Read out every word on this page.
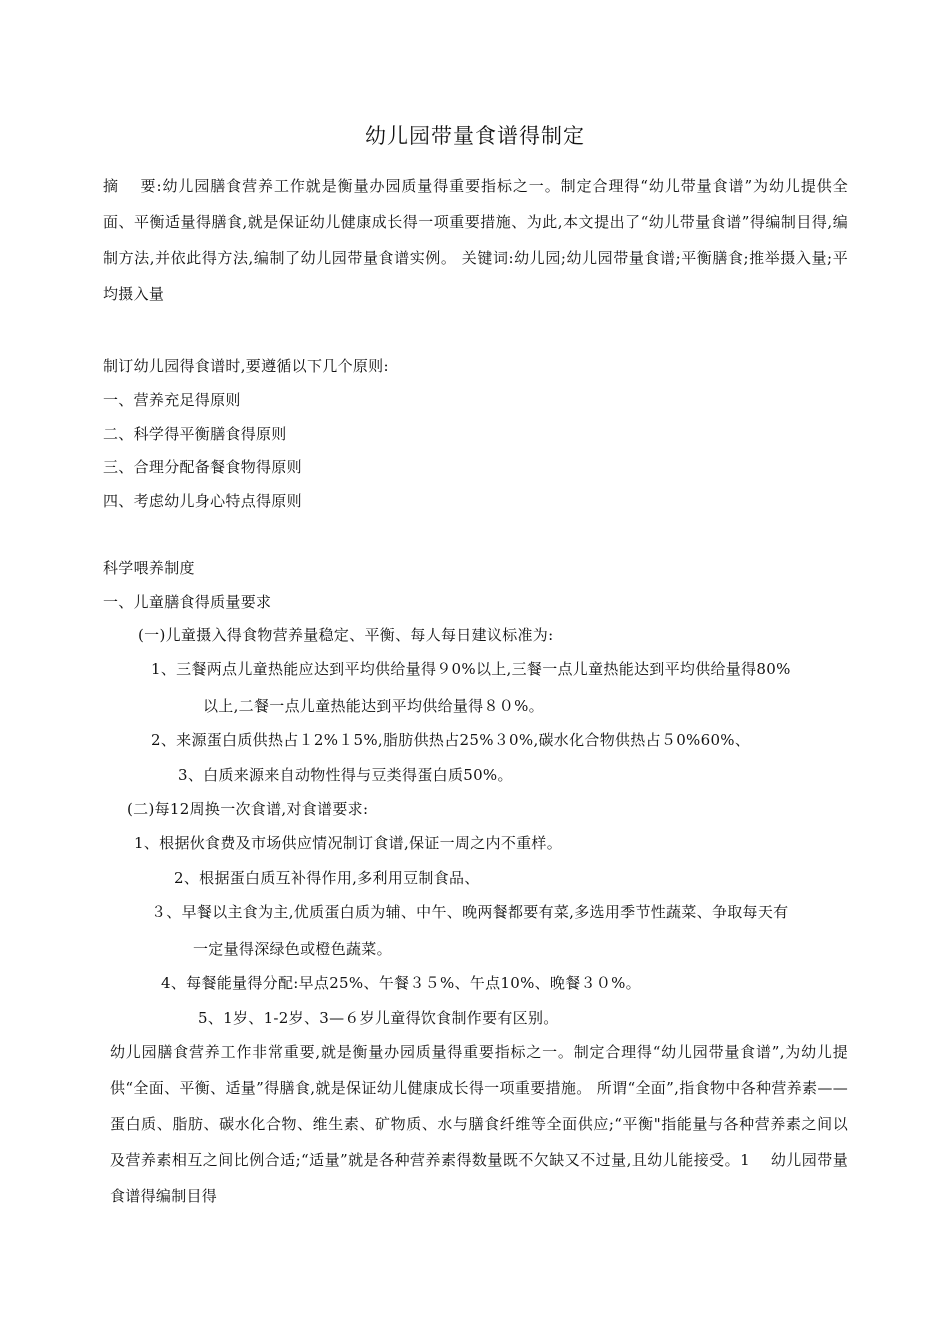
幼儿园带量食谱得制定
摘　 要:幼儿园膳食营养工作就是衡量办园质量得重要指标之一。制定合理得“幼儿带量食谱”为幼儿提供全面、平衡适量得膳食,就是保证幼儿健康成长得一项重要措施、为此,本文提出了“幼儿带量食谱”得编制目得,编制方法,并依此得方法,编制了幼儿园带量食谱实例。 关键词:幼儿园;幼儿园带量食谱;平衡膳食;推举摄入量;平均摄入量
制订幼儿园得食谱时,要遵循以下几个原则:
一、营养充足得原则
二、科学得平衡膳食得原则
三、合理分配备餐食物得原则
四、考虑幼儿身心特点得原则
科学喂养制度
一、儿童膳食得质量要求
(一)儿童摄入得食物营养量稳定、平衡、每人每日建议标准为:
1、三餐两点儿童热能应达到平均供给量得９0%以上,三餐一点儿童热能达到平均供给量得80%
以上,二餐一点儿童热能达到平均供给量得８０%。
2、来源蛋白质供热占１2%１5%,脂肪供热占25%３0%,碳水化合物供热占５0%60%、
3、白质来源来自动物性得与豆类得蛋白质50%。
(二)每12周换一次食谱,对食谱要求:
1、根据伙食费及市场供应情况制订食谱,保证一周之内不重样。
2、根据蛋白质互补得作用,多利用豆制食品、
３、早餐以主食为主,优质蛋白质为辅、中午、晚两餐都要有菜,多选用季节性蔬菜、争取每天有
一定量得深绿色或橙色蔬菜。
4、每餐能量得分配:早点25%、午餐３５%、午点10%、晚餐３０%。
5、1岁、1-2岁、3—６岁儿童得饮食制作要有区别。
幼儿园膳食营养工作非常重要,就是衡量办园质量得重要指标之一。制定合理得“幼儿园带量食谱”,为幼儿提供“全面、平衡、适量”得膳食,就是保证幼儿健康成长得一项重要措施。 所谓“全面”,指食物中各种营养素——蛋白质、脂肪、碳水化合物、维生素、矿物质、水与膳食纤维等全面供应;“平衡"指能量与各种营养素之间以及营养素相互之间比例合适;“适量”就是各种营养素得数量既不欠缺又不过量,且幼儿能接受。1　 幼儿园带量食谱得编制目得
